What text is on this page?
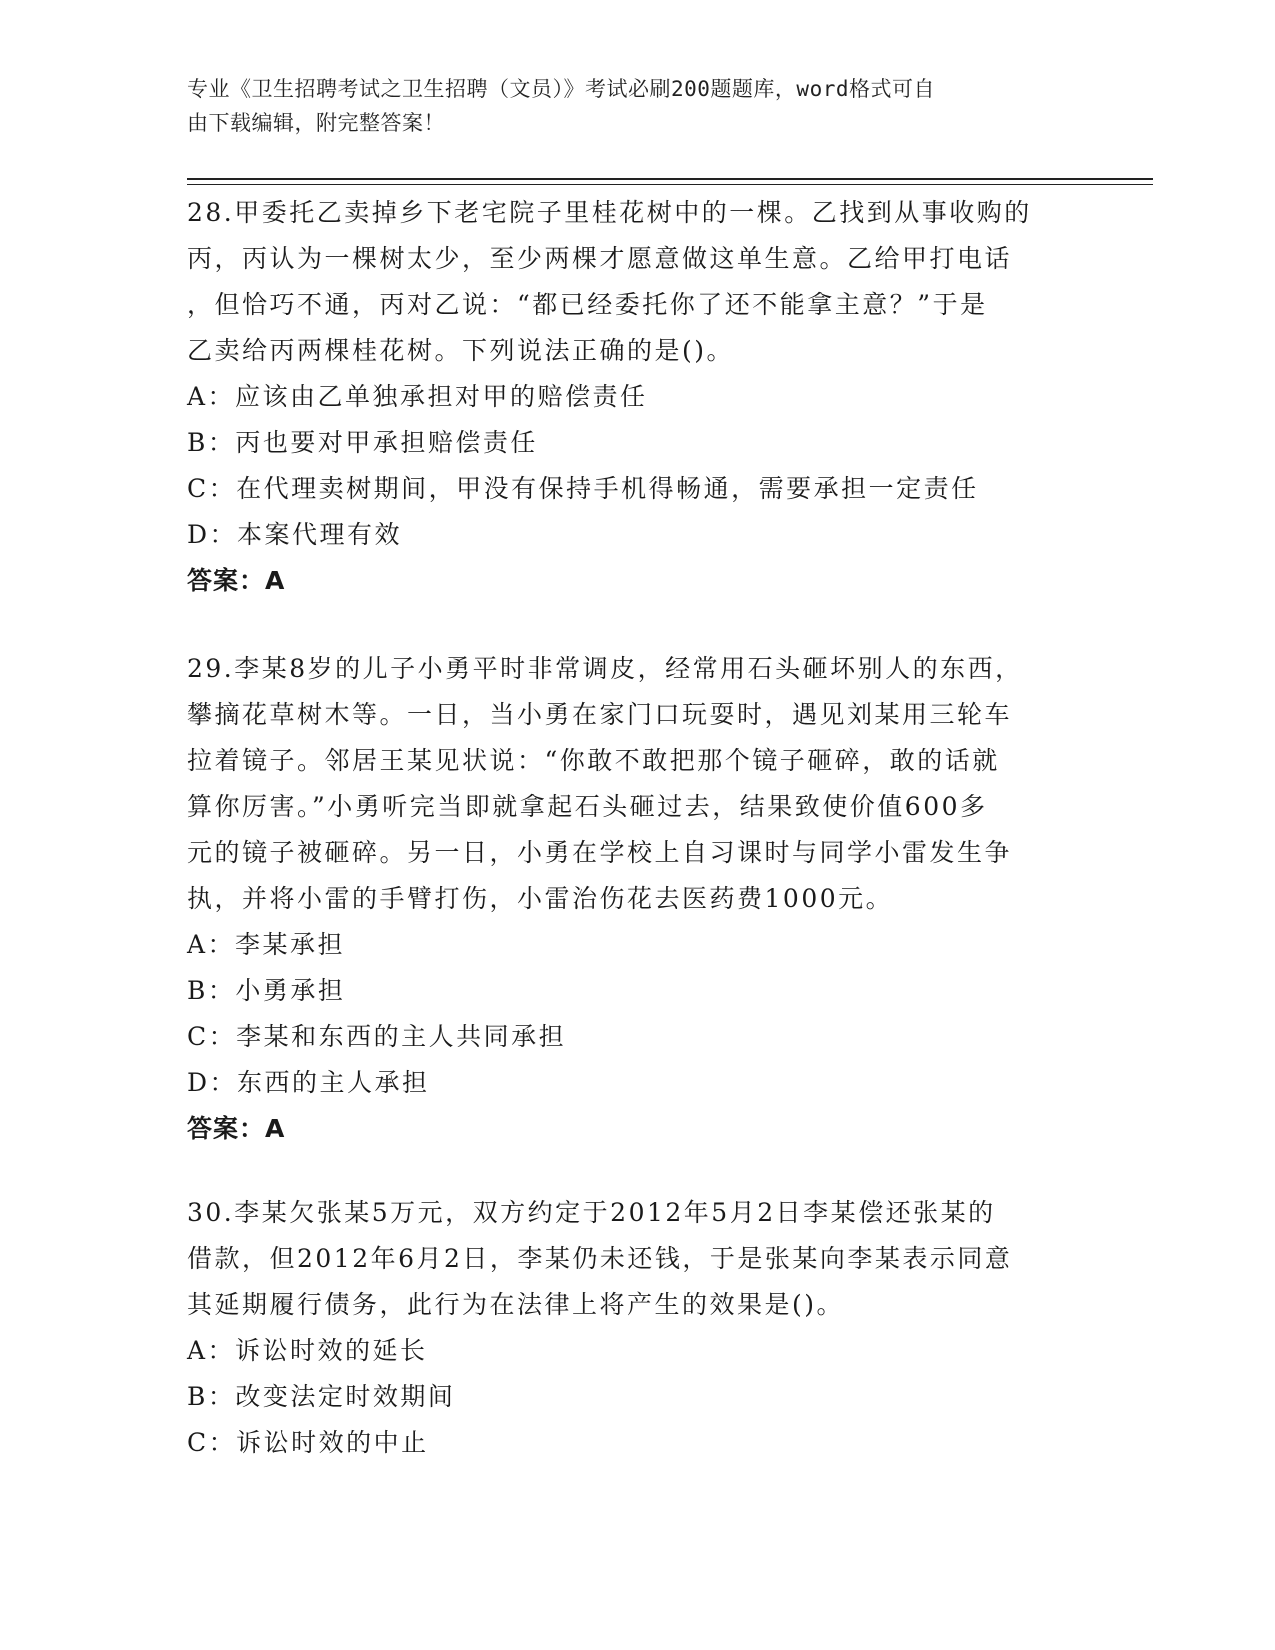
专业《卫生招聘考试之卫生招聘（文员）》考试必刷200题题库，word格式可自
由下载编辑，附完整答案！

28.甲委托乙卖掉乡下老宅院子里桂花树中的一棵。乙找到从事收购的

丙，丙认为一棵树太少，至少两棵才愿意做这单生意。乙给甲打电话

，但恰巧不通，丙对乙说：“都已经委托你了还不能拿主意？”于是

乙卖给丙两棵桂花树。下列说法正确的是()。

A：应该由乙单独承担对甲的赔偿责任

B：丙也要对甲承担赔偿责任

C：在代理卖树期间，甲没有保持手机得畅通，需要承担一定责任

D：本案代理有效

答案：A

29.李某8岁的儿子小勇平时非常调皮，经常用石头砸坏别人的东西，

攀摘花草树木等。一日，当小勇在家门口玩耍时，遇见刘某用三轮车

拉着镜子。邻居王某见状说：“你敢不敢把那个镜子砸碎，敢的话就

算你厉害。”小勇听完当即就拿起石头砸过去，结果致使价值600多

元的镜子被砸碎。另一日，小勇在学校上自习课时与同学小雷发生争

执，并将小雷的手臂打伤，小雷治伤花去医药费1000元。

A：李某承担

B：小勇承担

C：李某和东西的主人共同承担

D：东西的主人承担

答案：A

30.李某欠张某5万元，双方约定于2012年5月2日李某偿还张某的

借款，但2012年6月2日，李某仍未还钱，于是张某向李某表示同意

其延期履行债务，此行为在法律上将产生的效果是()。

A：诉讼时效的延长

B：改变法定时效期间

C：诉讼时效的中止
